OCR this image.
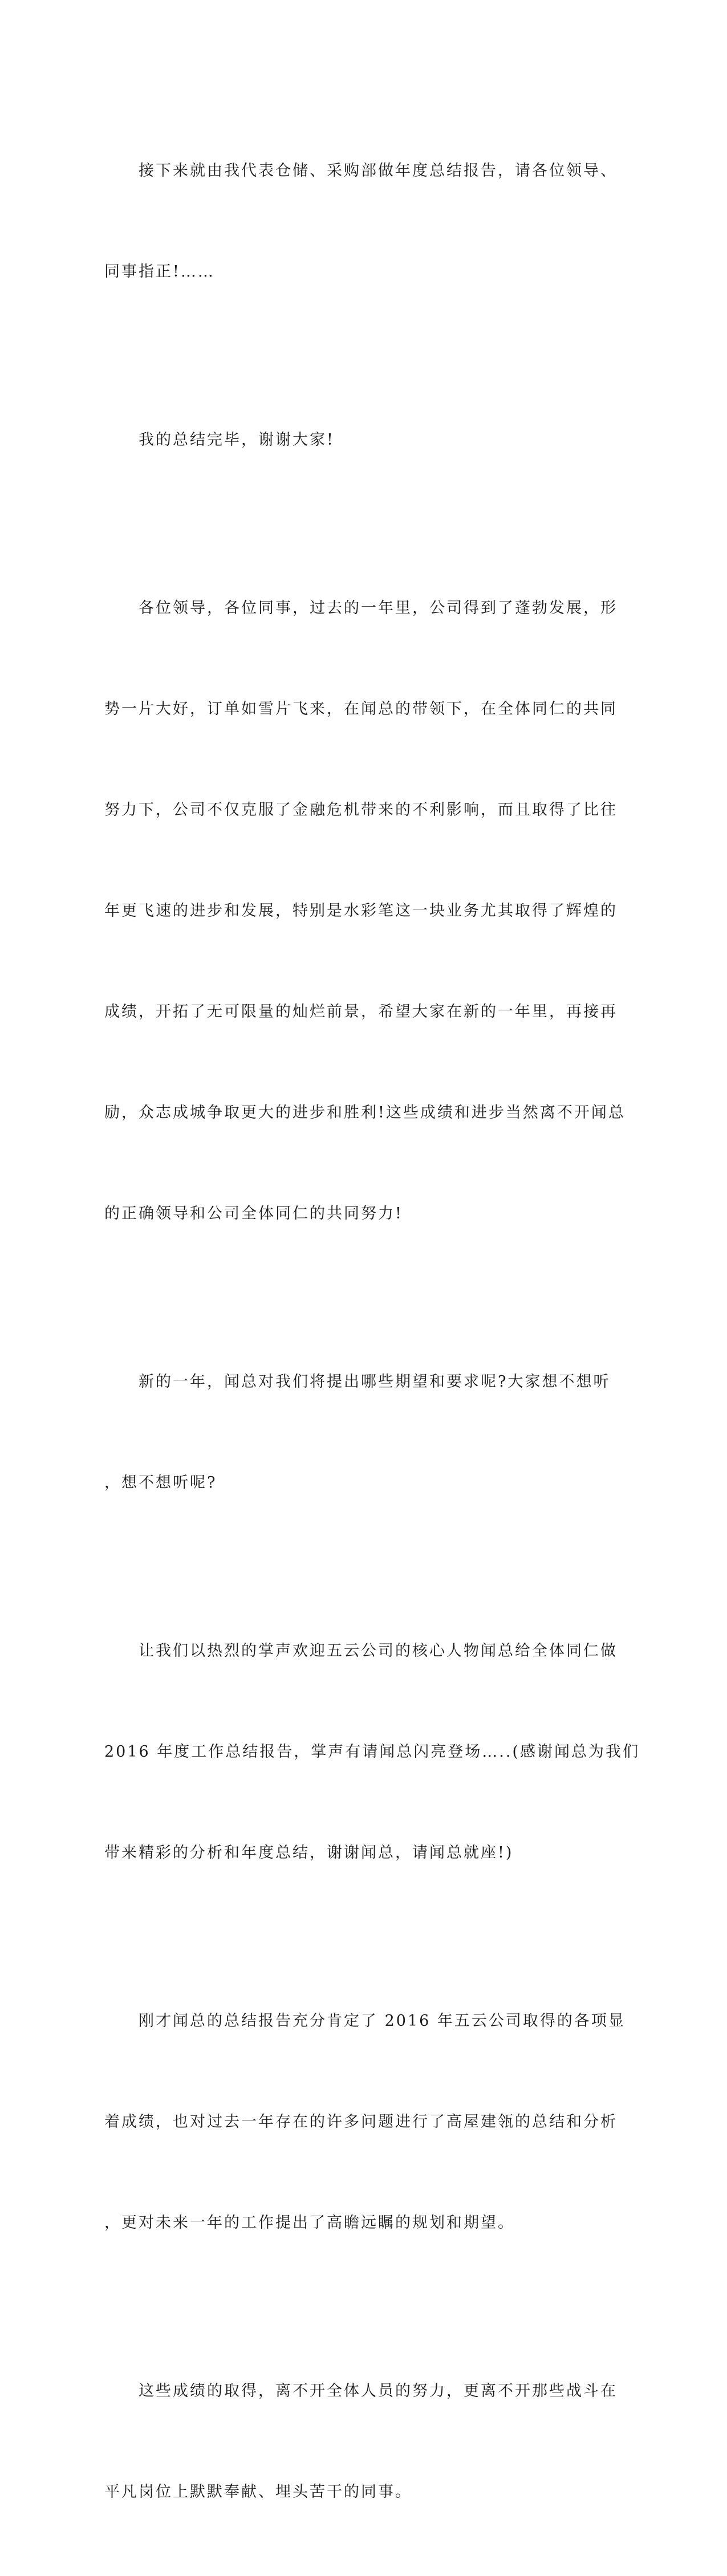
　　接下来就由我代表仓储、采购部做年度总结报告，请各位领导、

同事指正!……

　　我的总结完毕，谢谢大家!

　　各位领导，各位同事，过去的一年里，公司得到了蓬勃发展，形

势一片大好，订单如雪片飞来，在闻总的带领下，在全体同仁的共同

努力下，公司不仅克服了金融危机带来的不利影响，而且取得了比往

年更飞速的进步和发展，特别是水彩笔这一块业务尤其取得了辉煌的

成绩，开拓了无可限量的灿烂前景，希望大家在新的一年里，再接再

励，众志成城争取更大的进步和胜利!这些成绩和进步当然离不开闻总

的正确领导和公司全体同仁的共同努力!

　　新的一年，闻总对我们将提出哪些期望和要求呢?大家想不想听

，想不想听呢?

　　让我们以热烈的掌声欢迎五云公司的核心人物闻总给全体同仁做

2016 年度工作总结报告，掌声有请闻总闪亮登场…..(感谢闻总为我们

带来精彩的分析和年度总结，谢谢闻总，请闻总就座!)

　　刚才闻总的总结报告充分肯定了 2016 年五云公司取得的各项显

着成绩，也对过去一年存在的许多问题进行了高屋建瓴的总结和分析

，更对未来一年的工作提出了高瞻远瞩的规划和期望。

　　这些成绩的取得，离不开全体人员的努力，更离不开那些战斗在

平凡岗位上默默奉献、埋头苦干的同事。
